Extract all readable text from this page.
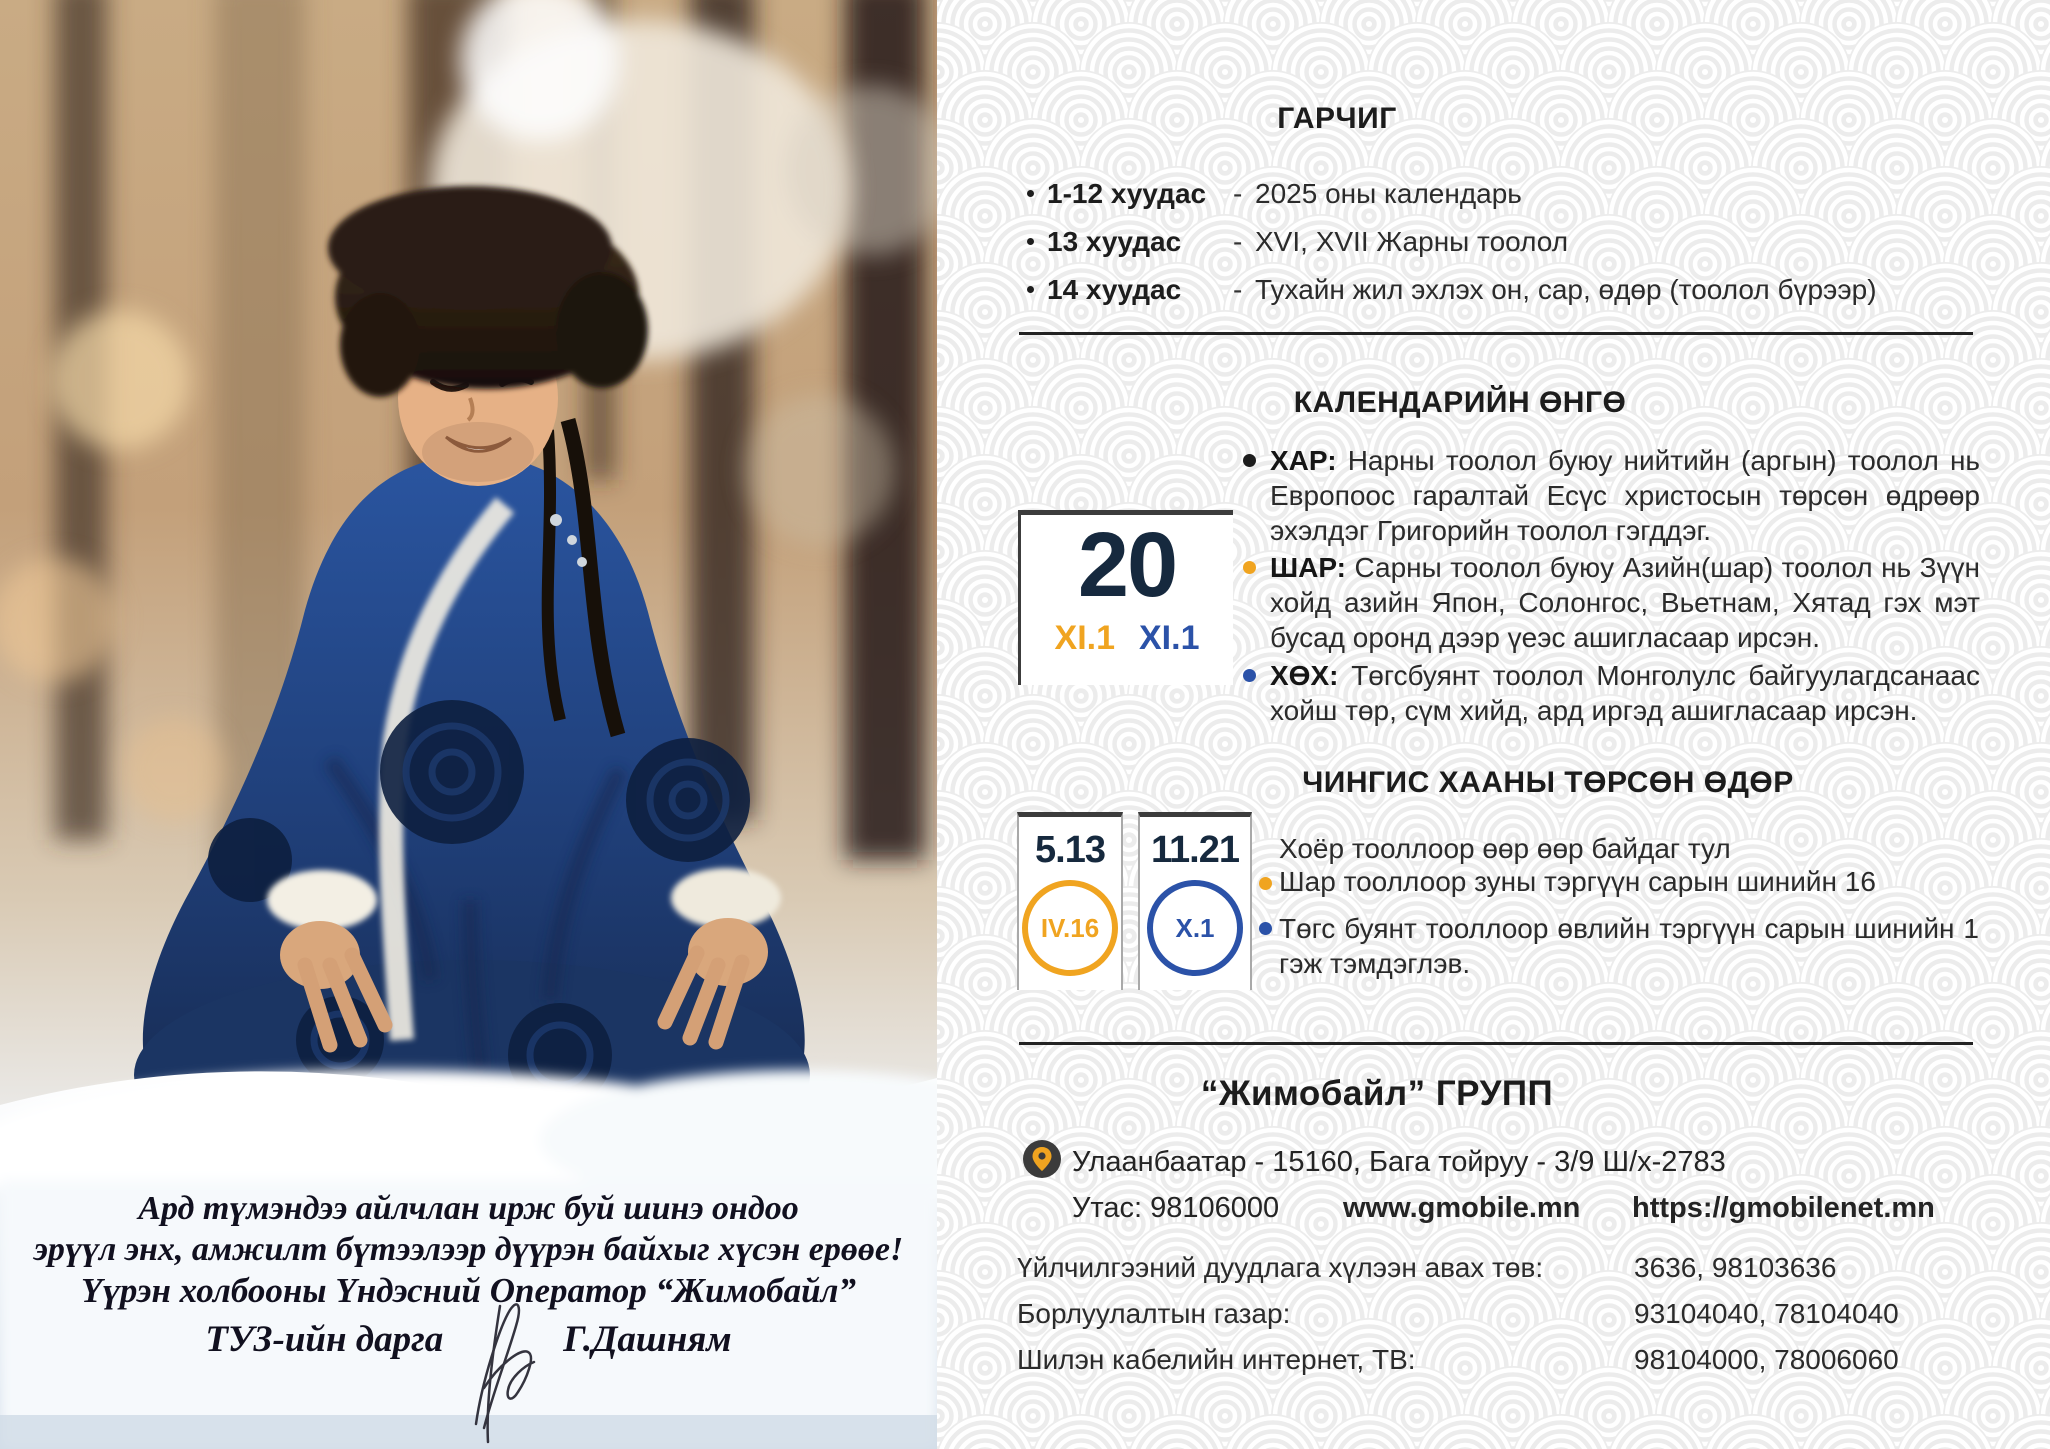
Ард түмэндээ айлчлан ирж буй шинэ ондоо
эрүүл энх, амжилт бүтээлээр дүүрэн байхыг хүсэн ерөөе!
Үүрэн холбооны Үндэсний Оператор “Жимобайл”
ТУЗ-ийн дарга	Г.Дашням
ГАРЧИГ
1-12 хуудас - 2025 оны календарь
13 хуудас - XVI, XVII Жарны тоолол
14 хуудас - Тухайн жил эхлэх он, сар, өдөр (тоолол бүрээр)
КАЛЕНДАРИЙН ӨНГӨ
ХАР: Нарны тоолол буюу нийтийн (аргын) тоолол нь Европоос гаралтай Есүс христосын төрсөн өдрөөр эхэлдэг Григорийн тоолол гэгддэг.
ШАР: Сарны тоолол буюу Азийн(шар) тоолол нь Зүүн хойд азийн Япон, Солонгос, Вьетнам, Хятад гэх мэт бусад оронд дээр үеэс ашигласаар ирсэн.
ХӨХ: Төгсбуянт тоолол Монголулс байгуулагдсанаас хойш төр, сүм хийд, ард иргэд ашигласаар ирсэн.
20
XI.1 XI.1
ЧИНГИС ХААНЫ ТӨРСӨН ӨДӨР
Хоёр тооллоор өөр өөр байдаг тул
Шар тооллоор зуны тэргүүн сарын шинийн 16
Төгс буянт тооллоор өвлийн тэргүүн сарын шинийн 1 гэж тэмдэглэв.
5.13
IV.16
11.21
X.1
“Жимобайл” ГРУПП
Улаанбаатар - 15160, Бага тойруу - 3/9 Ш/х-2783
Утас: 98106000 www.gmobile.mn https://gmobilenet.mn
Үйлчилгээний дуудлага хүлээн авах төв:	3636, 98103636
Борлуулалтын газар:	93104040, 78104040
Шилэн кабелийн интернет, ТВ:	98104000, 78006060
